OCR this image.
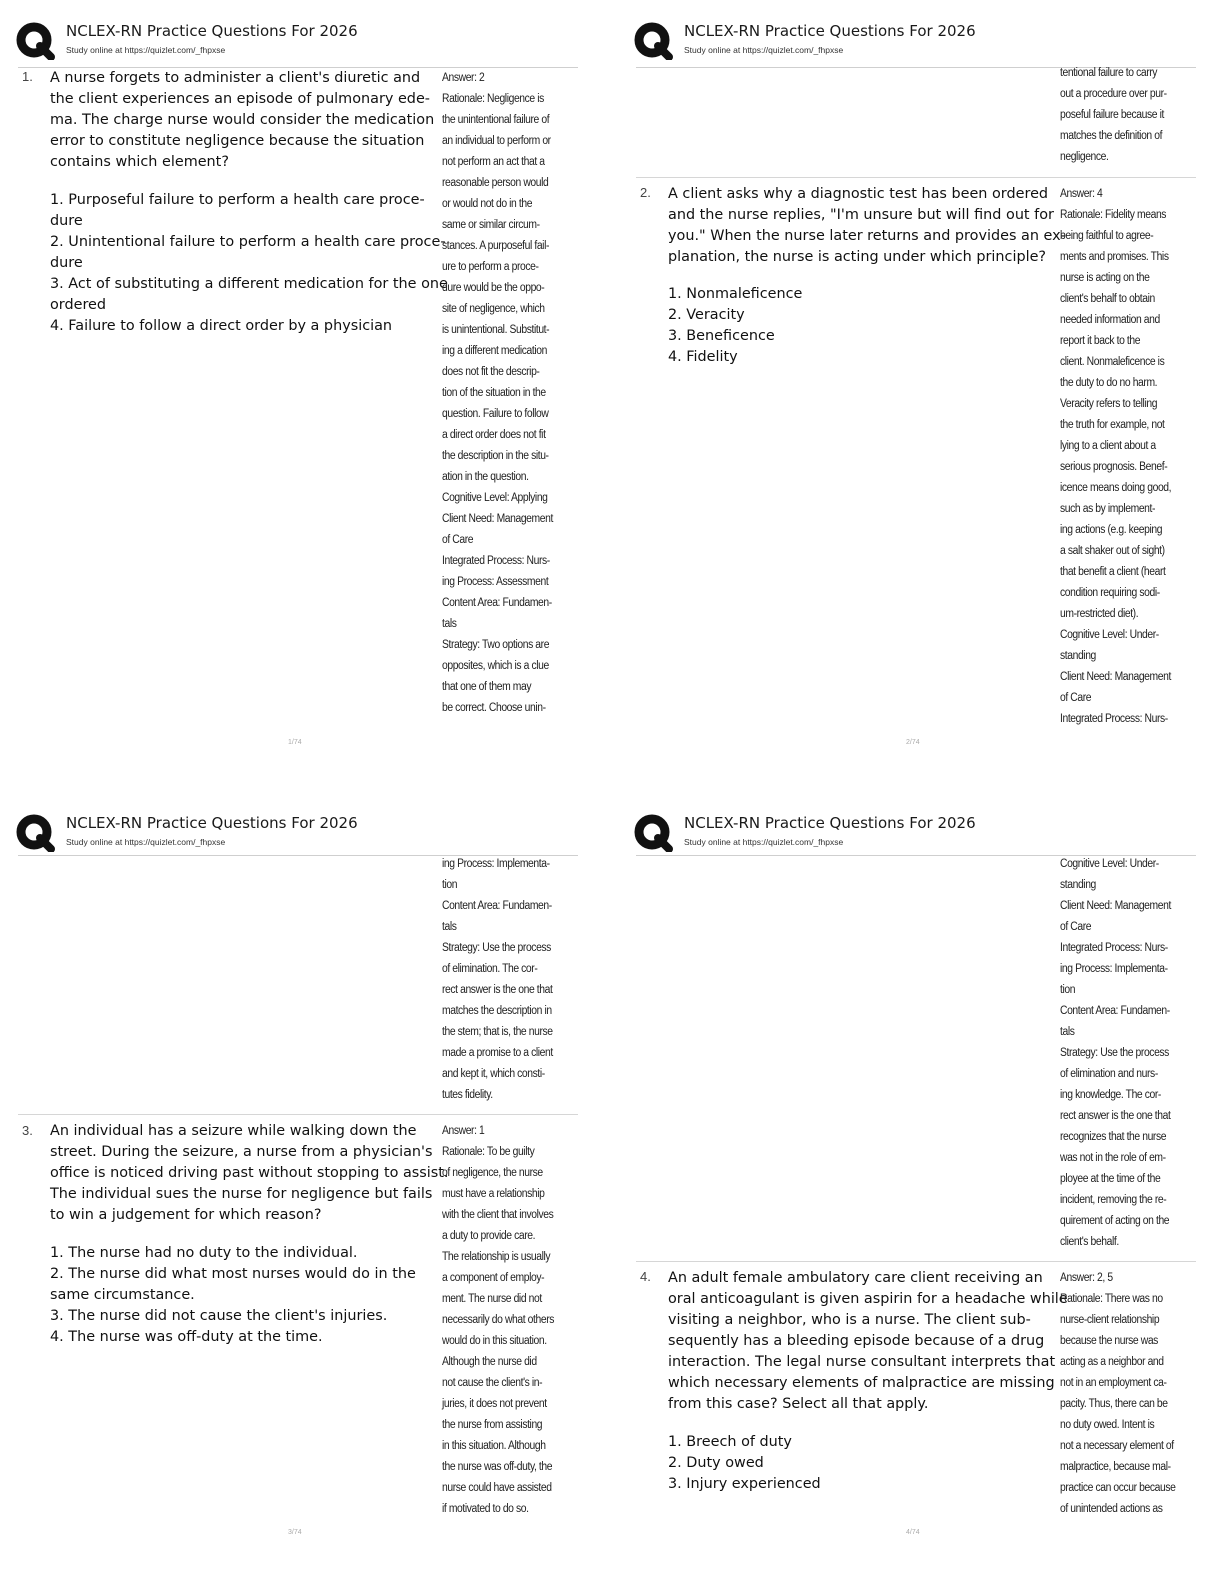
NCLEX-RN Practice Questions For 2026
Study online at https://quizlet.com/_fhpxse
1. A nurse forgets to administer a client's diuretic and

the client experiences an episode of pulmonary ede-

ma. The charge nurse would consider the medication

error to constitute negligence because the situation

contains which element?

1. Purposeful failure to perform a health care proce-

dure

2. Unintentional failure to perform a health care proce-

dure

3. Act of substituting a different medication for the one

ordered

4. Failure to follow a direct order by a physician

Answer: 2

Rationale: Negligence is

the unintentional failure of

an individual to perform or

not perform an act that a

reasonable person would

or would not do in the

same or similar circum-

stances. A purposeful fail-

ure to perform a proce-

dure would be the oppo-

site of negligence, which

is unintentional. Substitut-

ing a different medication

does not fit the descrip-

tion of the situation in the

question. Failure to follow

a direct order does not fit

the description in the situ-

ation in the question.

Cognitive Level: Applying

Client Need: Management

of Care

Integrated Process: Nurs-

ing Process: Assessment

Content Area: Fundamen-

tals

Strategy: Two options are

opposites, which is a clue

that one of them may

be correct. Choose unin-

1/74
NCLEX-RN Practice Questions For 2026
Study online at https://quizlet.com/_fhpxse

tentional failure to carry

out a procedure over pur-

poseful failure because it

matches the definition of

negligence.

2. A client asks why a diagnostic test has been ordered

and the nurse replies, "I'm unsure but will find out for

you." When the nurse later returns and provides an ex-

planation, the nurse is acting under which principle?

1. Nonmaleficence

2. Veracity

3. Beneficence

4. Fidelity

Answer: 4

Rationale: Fidelity means

being faithful to agree-

ments and promises. This

nurse is acting on the

client's behalf to obtain

needed information and

report it back to the

client. Nonmaleficence is

the duty to do no harm.

Veracity refers to telling

the truth for example, not

lying to a client about a

serious prognosis. Benef-

icence means doing good,

such as by implement-

ing actions (e.g. keeping

a salt shaker out of sight)

that benefit a client (heart

condition requiring sodi-

um-restricted diet).

Cognitive Level: Under-

standing

Client Need: Management

of Care

Integrated Process: Nurs-

2/74
NCLEX-RN Practice Questions For 2026
Study online at https://quizlet.com/_fhpxse

ing Process: Implementa-

tion

Content Area: Fundamen-

tals

Strategy: Use the process

of elimination. The cor-

rect answer is the one that

matches the description in

the stem; that is, the nurse

made a promise to a client

and kept it, which consti-

tutes fidelity.

3. An individual has a seizure while walking down the

street. During the seizure, a nurse from a physician's

office is noticed driving past without stopping to assist.

The individual sues the nurse for negligence but fails

to win a judgement for which reason?

1. The nurse had no duty to the individual.

2. The nurse did what most nurses would do in the

same circumstance.

3. The nurse did not cause the client's injuries.

4. The nurse was off-duty at the time.

Answer: 1

Rationale: To be guilty

of negligence, the nurse

must have a relationship

with the client that involves

a duty to provide care.

The relationship is usually

a component of employ-

ment. The nurse did not

necessarily do what others

would do in this situation.

Although the nurse did

not cause the client's in-

juries, it does not prevent

the nurse from assisting

in this situation. Although

the nurse was off-duty, the

nurse could have assisted

if motivated to do so.

3/74
NCLEX-RN Practice Questions For 2026
Study online at https://quizlet.com/_fhpxse

Cognitive Level: Under-

standing

Client Need: Management

of Care

Integrated Process: Nurs-

ing Process: Implementa-

tion

Content Area: Fundamen-

tals

Strategy: Use the process

of elimination and nurs-

ing knowledge. The cor-

rect answer is the one that

recognizes that the nurse

was not in the role of em-

ployee at the time of the

incident, removing the re-

quirement of acting on the

client's behalf.

4. An adult female ambulatory care client receiving an

oral anticoagulant is given aspirin for a headache while

visiting a neighbor, who is a nurse. The client sub-

sequently has a bleeding episode because of a drug

interaction. The legal nurse consultant interprets that

which necessary elements of malpractice are missing

from this case? Select all that apply.

1. Breech of duty

2. Duty owed

3. Injury experienced

Answer: 2, 5

Rationale: There was no

nurse-client relationship

because the nurse was

acting as a neighbor and

not in an employment ca-

pacity. Thus, there can be

no duty owed. Intent is

not a necessary element of

malpractice, because mal-

practice can occur because

of unintended actions as

4/74
